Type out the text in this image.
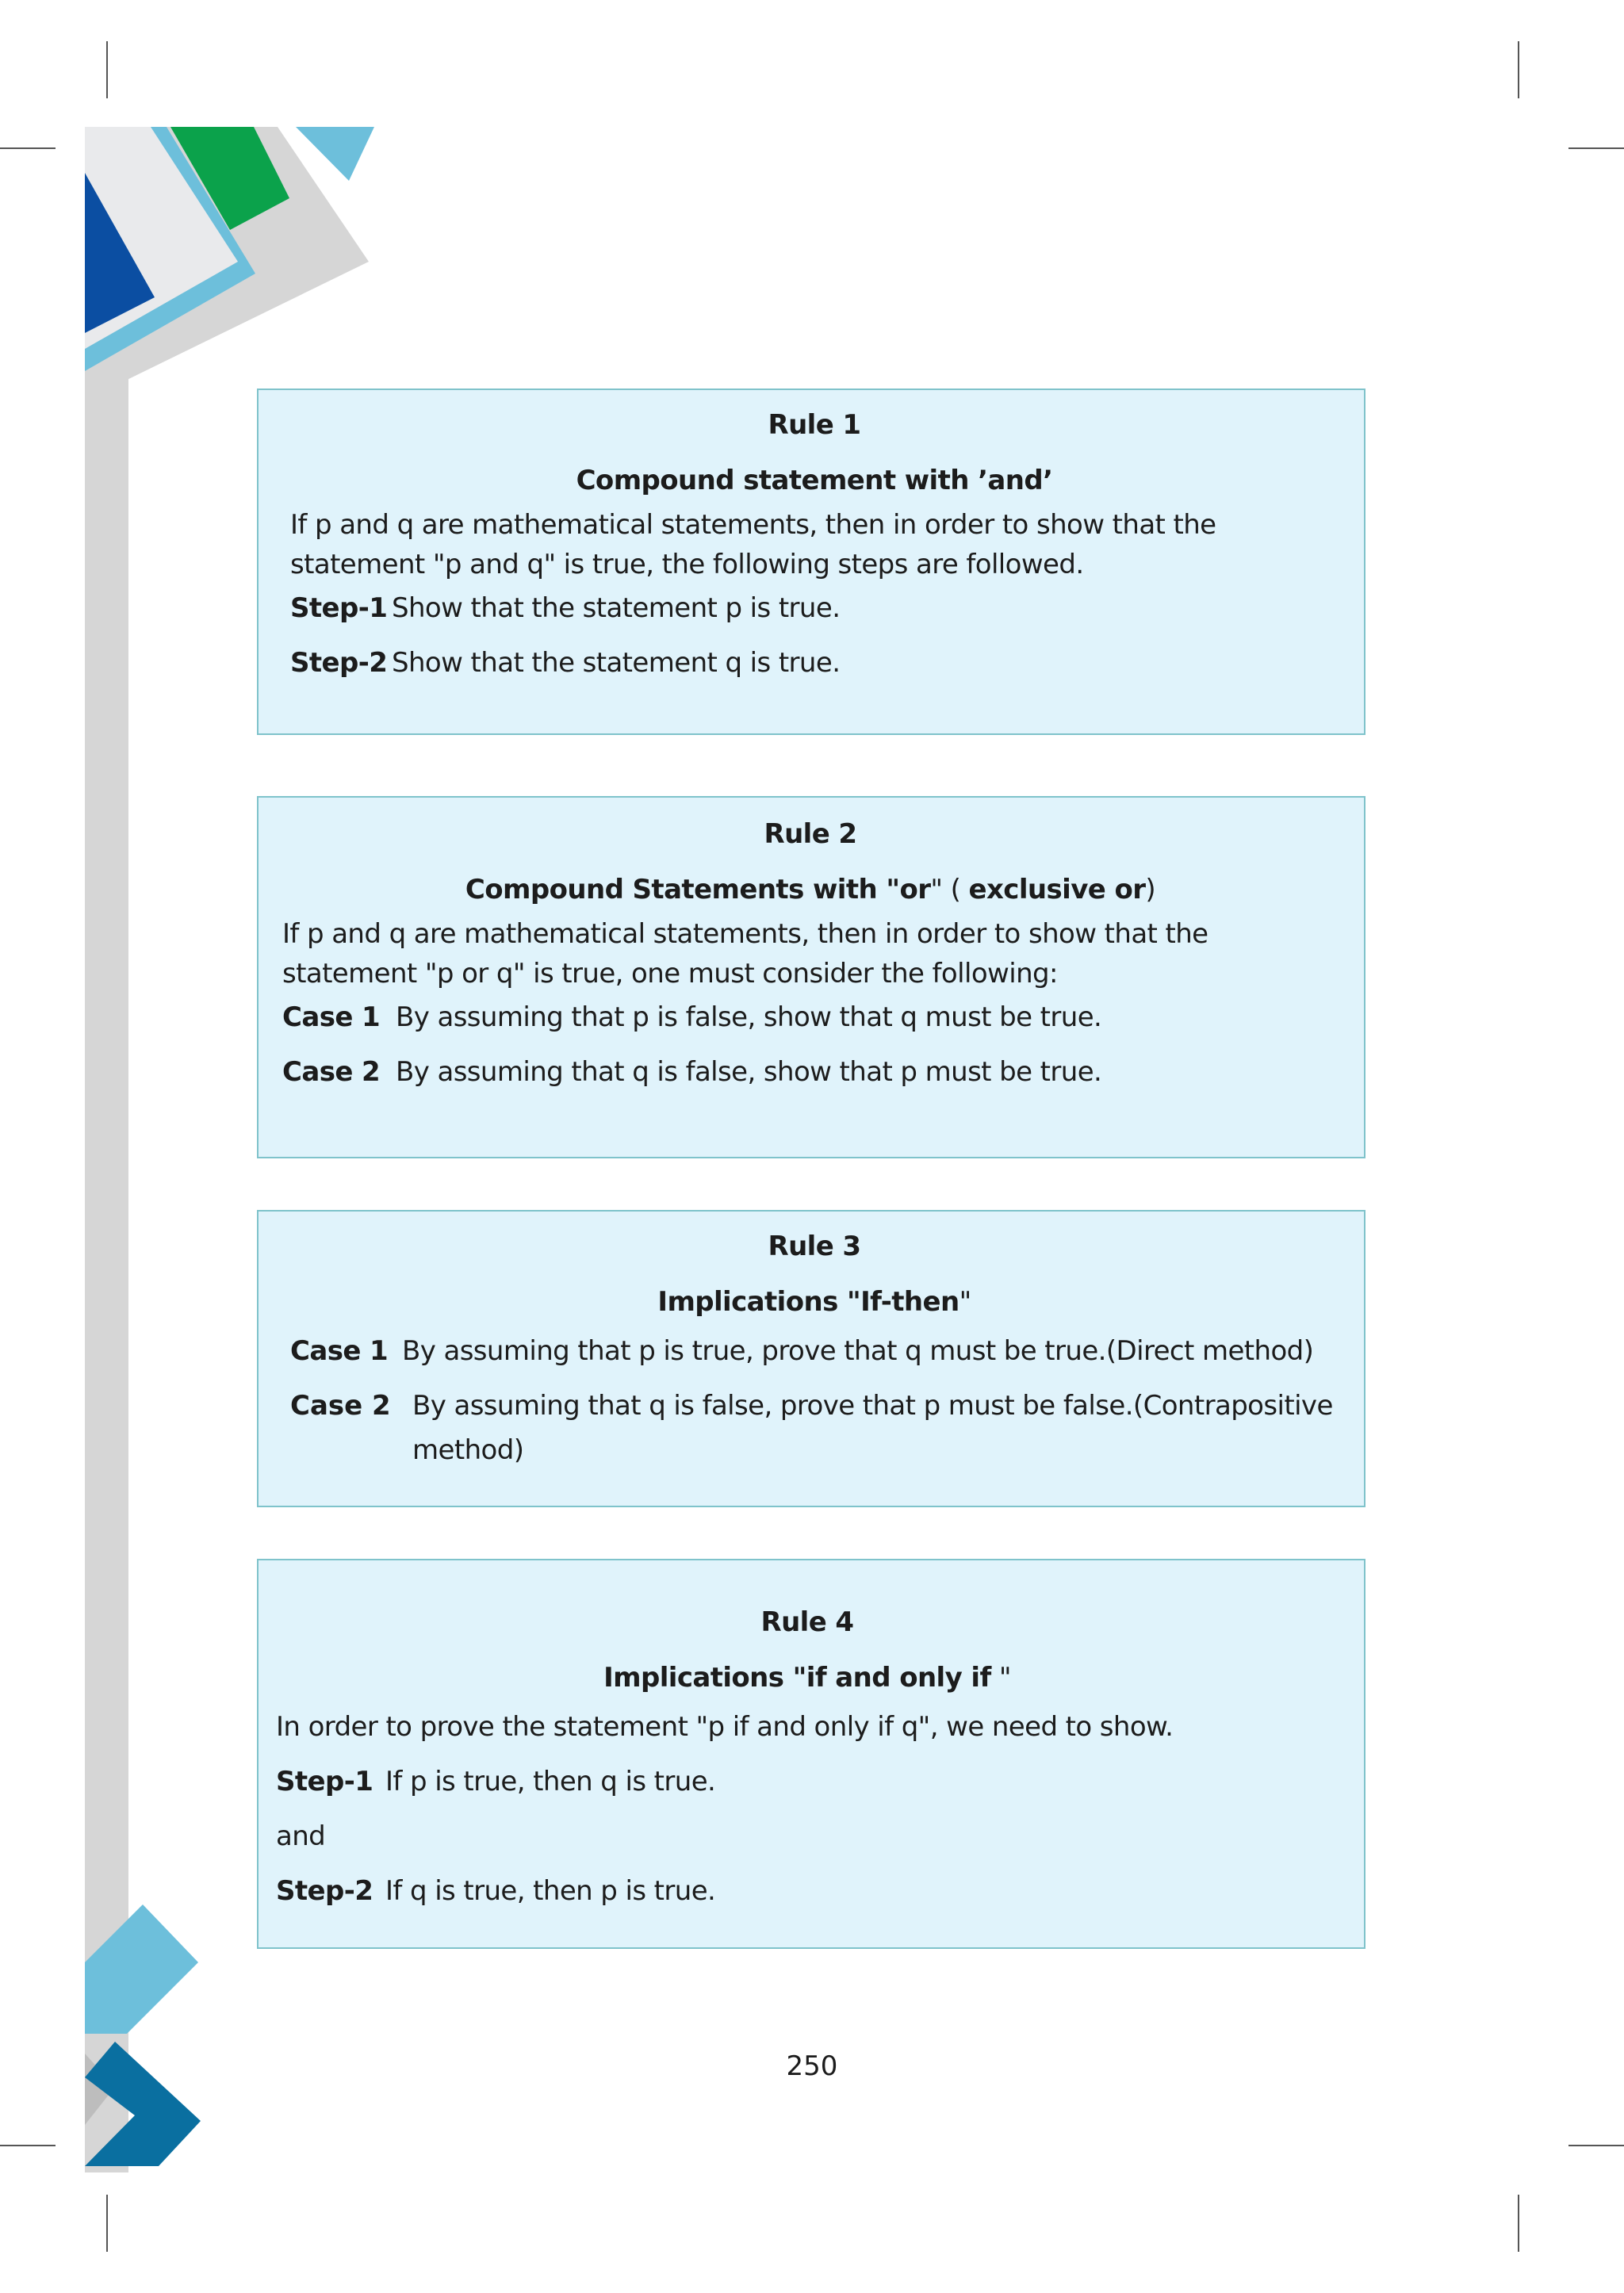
Rule 1

Compound statement with ’and’

If p and q are mathematical statements, then in order to show that the

statement "p and q" is true, the following steps are followed.

Step-1 Show that the statement p is true.

Step-2 Show that the statement q is true.

Rule 2

Compound Statements with "or" ( exclusive or)

If p and q are mathematical statements, then in order to show that the

statement "p or q" is true, one must consider the following:

Case 1 By assuming that p is false, show that q must be true.

Case 2 By assuming that q is false, show that p must be true.

Rule 3

Implications "If-then"

Case 1 By assuming that p is true, prove that q must be true.(Direct method)

Case 2 By assuming that q is false, prove that p must be false.(Contrapositive

method)

Rule 4

Implications "if and only if "

In order to prove the statement "p if and only if q", we need to show.

Step-1 If p is true, then q is true.

and

Step-2 If q is true, then p is true.

250
